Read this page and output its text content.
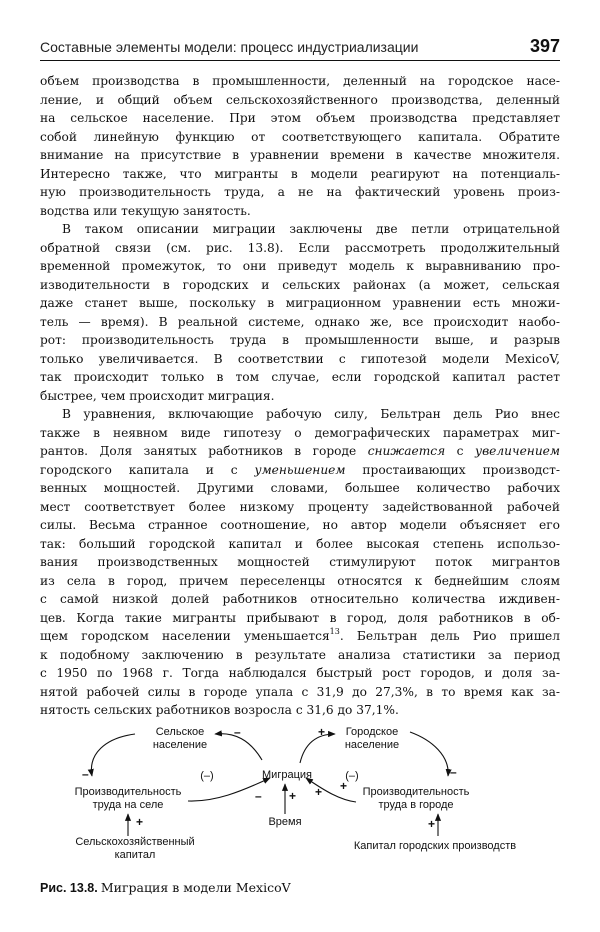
Составные элементы модели: процесс индустриализации	397
объем производства в промышленности, деленный на городское насе-
ление, и общий объем сельскохозяйственного производства, деленный
на сельское население. При этом объем производства представляет
собой линейную функцию от соответствующего капитала. Обратите
внимание на присутствие в уравнении времени в качестве множителя.
Интересно также, что мигранты в модели реагируют на потенциаль-
ную производительность труда, а не на фактический уровень произ-
водства или текущую занятость.
В таком описании миграции заключены две петли отрицательной
обратной связи (см. рис. 13.8). Если рассмотреть продолжительный
временной промежуток, то они приведут модель к выравниванию про-
изводительности в городских и сельских районах (а может, сельская
даже станет выше, поскольку в миграционном уравнении есть множи-
тель — время). В реальной системе, однако же, все происходит наобо-
рот: производительность труда в промышленности выше, и разрыв
только увеличивается. В соответствии с гипотезой модели MexicoV,
так происходит только в том случае, если городской капитал растет
быстрее, чем происходит миграция.
В уравнения, включающие рабочую силу, Бельтран дель Рио внес
также в неявном виде гипотезу о демографических параметрах миг-
рантов. Доля занятых работников в городе снижается с увеличением
городского капитала и с уменьшением простаивающих производст-
венных мощностей. Другими словами, большее количество рабочих
мест соответствует более низкому проценту задействованной рабочей
силы. Весьма странное соотношение, но автор модели объясняет его
так: больший городской капитал и более высокая степень использо-
вания производственных мощностей стимулируют поток мигрантов
из села в город, причем переселенцы относятся к беднейшим слоям
с самой низкой долей работников относительно количества иждивен-
цев. Когда такие мигранты прибывают в город, доля работников в об-
щем городском населении уменьшается$^{13}$. Бельтран дель Рио пришел
к подобному заключению в результате анализа статистики за период
с 1950 по 1968 г. Тогда наблюдался быстрый рост городов, и доля за-
нятой рабочей силы в городе упала с 31,9 до 27,3%, в то время как за-
нятость сельских работников возросла с 31,6 до 37,1%.
Сельское
население
Городское
население
Миграция
Время
Производительность
труда на селе
Производительность
труда в городе
Сельскохозяйственный
капитал
Капитал городских производств
(–)	(–)
–	+
–	–
–	+
+
+	+
+
Рис. 13.8. Миграция в модели MexicoV
